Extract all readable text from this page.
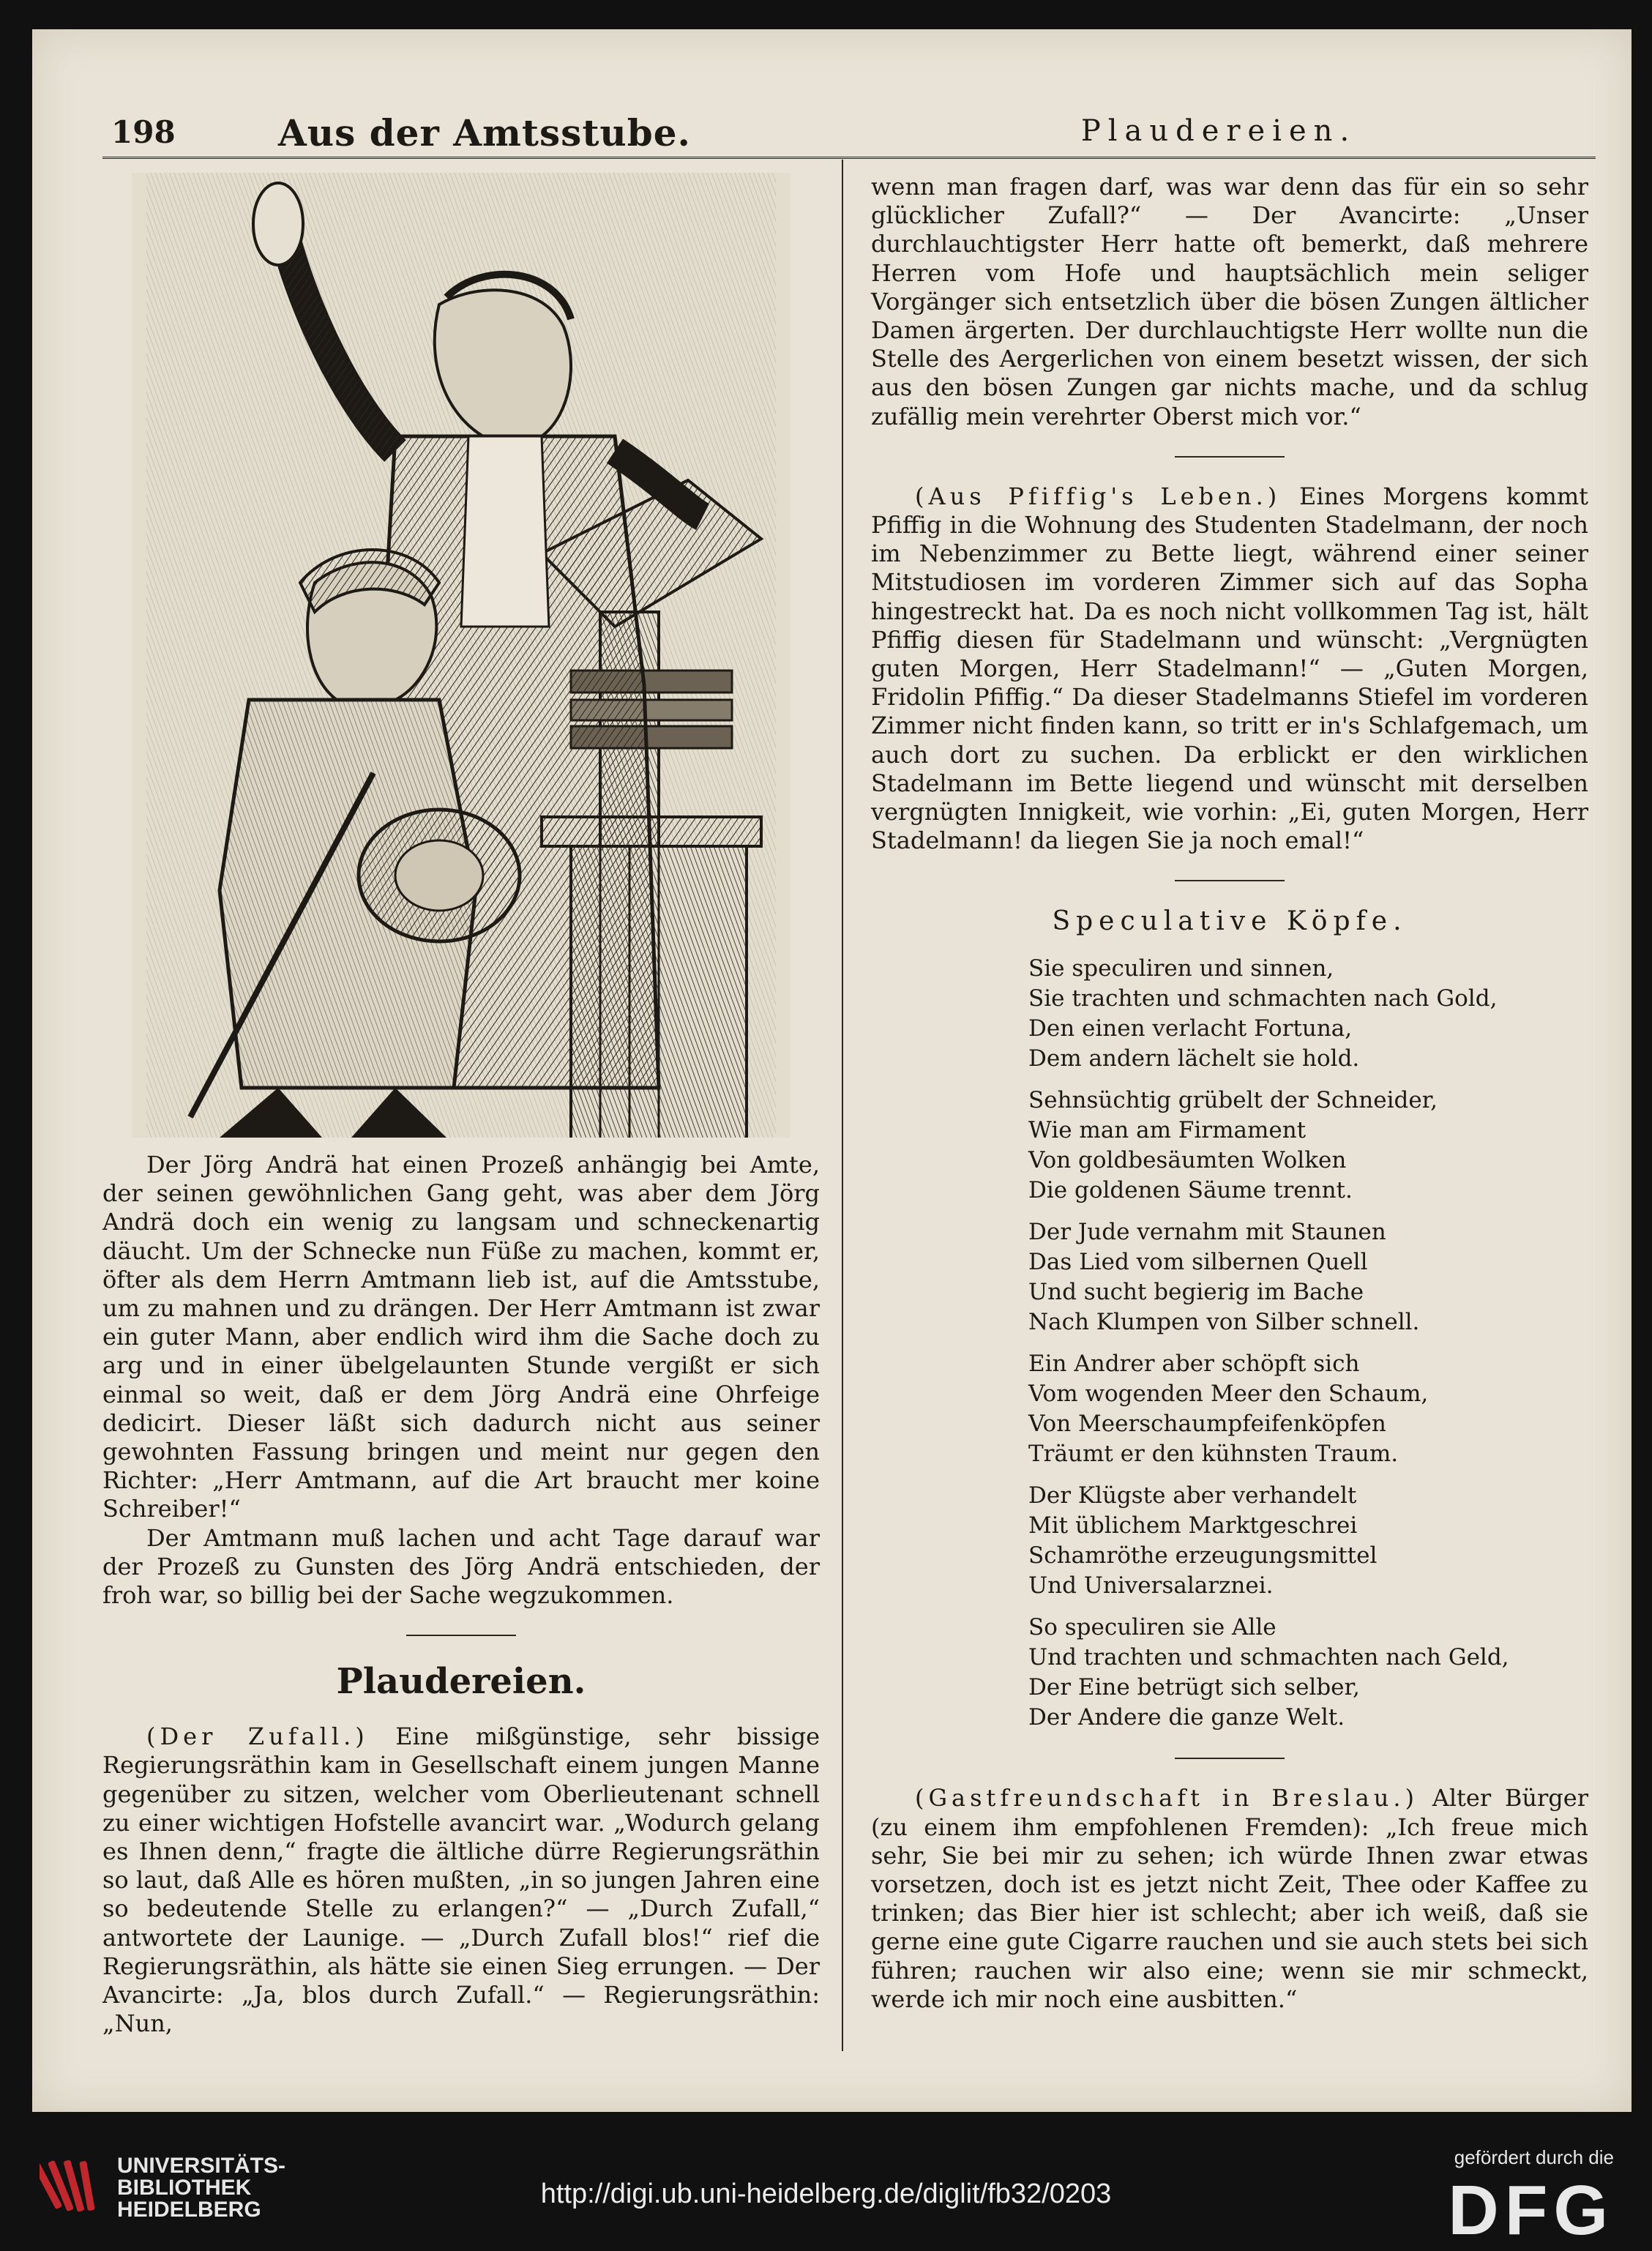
198	Aus der Amtsstube.	Plaudereien.

Der Jörg Andrä hat einen Prozeß anhängig bei Amte, der seinen gewöhnlichen Gang geht, was aber dem Jörg Andrä doch ein wenig zu langsam und schneckenartig däucht. Um der Schnecke nun Füße zu machen, kommt er, öfter als dem Herrn Amtmann lieb ist, auf die Amtsstube, um zu mahnen und zu drängen. Der Herr Amtmann ist zwar ein guter Mann, aber endlich wird ihm die Sache doch zu arg und in einer übelgelaunten Stunde vergißt er sich einmal so weit, daß er dem Jörg Andrä eine Ohrfeige dedicirt. Dieser läßt sich dadurch nicht aus seiner gewohnten Fassung bringen und meint nur gegen den Richter: „Herr Amtmann, auf die Art braucht mer koine Schreiber!“

Der Amtmann muß lachen und acht Tage darauf war der Prozeß zu Gunsten des Jörg Andrä entschieden, der froh war, so billig bei der Sache wegzukommen.

Plaudereien.

(Der Zufall.) Eine mißgünstige, sehr bissige Regierungsräthin kam in Gesellschaft einem jungen Manne gegenüber zu sitzen, welcher vom Oberlieutenant schnell zu einer wichtigen Hofstelle avancirt war. „Wodurch gelang es Ihnen denn,“ fragte die ältliche dürre Regierungsräthin so laut, daß Alle es hören mußten, „in so jungen Jahren eine so bedeutende Stelle zu erlangen?“ — „Durch Zufall,“ antwortete der Launige. — „Durch Zufall blos!“ rief die Regierungsräthin, als hätte sie einen Sieg errungen. — Der Avancirte: „Ja, blos durch Zufall.“ — Regierungsräthin: „Nun,

wenn man fragen darf, was war denn das für ein so sehr glücklicher Zufall?“ — Der Avancirte: „Unser durchlauchtigster Herr hatte oft bemerkt, daß mehrere Herren vom Hofe und hauptsächlich mein seliger Vorgänger sich entsetzlich über die bösen Zungen ältlicher Damen ärgerten. Der durchlauchtigste Herr wollte nun die Stelle des Aergerlichen von einem besetzt wissen, der sich aus den bösen Zungen gar nichts mache, und da schlug zufällig mein verehrter Oberst mich vor.“

(Aus Pfiffig's Leben.) Eines Morgens kommt Pfiffig in die Wohnung des Studenten Stadelmann, der noch im Nebenzimmer zu Bette liegt, während einer seiner Mitstudiosen im vorderen Zimmer sich auf das Sopha hingestreckt hat. Da es noch nicht vollkommen Tag ist, hält Pfiffig diesen für Stadelmann und wünscht: „Vergnügten guten Morgen, Herr Stadelmann!“ — „Guten Morgen, Fridolin Pfiffig.“ Da dieser Stadelmanns Stiefel im vorderen Zimmer nicht finden kann, so tritt er in's Schlafgemach, um auch dort zu suchen. Da erblickt er den wirklichen Stadelmann im Bette liegend und wünscht mit derselben vergnügten Innigkeit, wie vorhin: „Ei, guten Morgen, Herr Stadelmann! da liegen Sie ja noch emal!“

Speculative Köpfe.
Sie speculiren und sinnen,
Sie trachten und schmachten nach Gold,
Den einen verlacht Fortuna,
Dem andern lächelt sie hold.
Sehnsüchtig grübelt der Schneider,
Wie man am Firmament
Von goldbesäumten Wolken
Die goldenen Säume trennt.
Der Jude vernahm mit Staunen
Das Lied vom silbernen Quell
Und sucht begierig im Bache
Nach Klumpen von Silber schnell.
Ein Andrer aber schöpft sich
Vom wogenden Meer den Schaum,
Von Meerschaumpfeifenköpfen
Träumt er den kühnsten Traum.
Der Klügste aber verhandelt
Mit üblichem Marktgeschrei
Schamröthe erzeugungsmittel
Und Universalarznei.
So speculiren sie Alle
Und trachten und schmachten nach Geld,
Der Eine betrügt sich selber,
Der Andere die ganze Welt.

(Gastfreundschaft in Breslau.) Alter Bürger (zu einem ihm empfohlenen Fremden): „Ich freue mich sehr, Sie bei mir zu sehen; ich würde Ihnen zwar etwas vorsetzen, doch ist es jetzt nicht Zeit, Thee oder Kaffee zu trinken; das Bier hier ist schlecht; aber ich weiß, daß sie gerne eine gute Cigarre rauchen und sie auch stets bei sich führen; rauchen wir also eine; wenn sie mir schmeckt, werde ich mir noch eine ausbitten.“

UNIVERSITÄTS-
BIBLIOTHEK
HEIDELBERG
http://digi.ub.uni-heidelberg.de/diglit/fb32/0203
gefördert durch die
DFG
